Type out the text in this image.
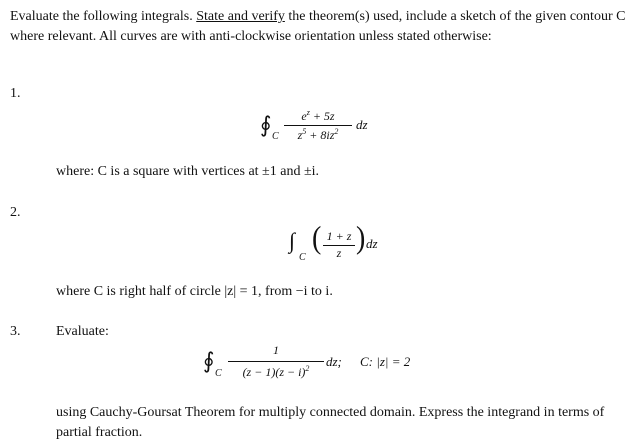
Evaluate the following integrals. State and verify the theorem(s) used, include a sketch of the given contour C where relevant. All curves are with anti-clockwise orientation unless stated otherwise:
1.
∮ C
$e^z + 5z$
$z^5 + 8iz^2$	dz
where: C is a square with vertices at ±1 and ±i.
2.
∫
C
( 1 + z
z ) dz
where C is right half of circle |z| = 1, from −i to i.
3.	Evaluate:
∮
C
1
$(z - 1)(z - i)^2$	dz; C: |z| = 2
using Cauchy-Goursat Theorem for multiply connected domain. Express the integrand in terms of partial fraction.
